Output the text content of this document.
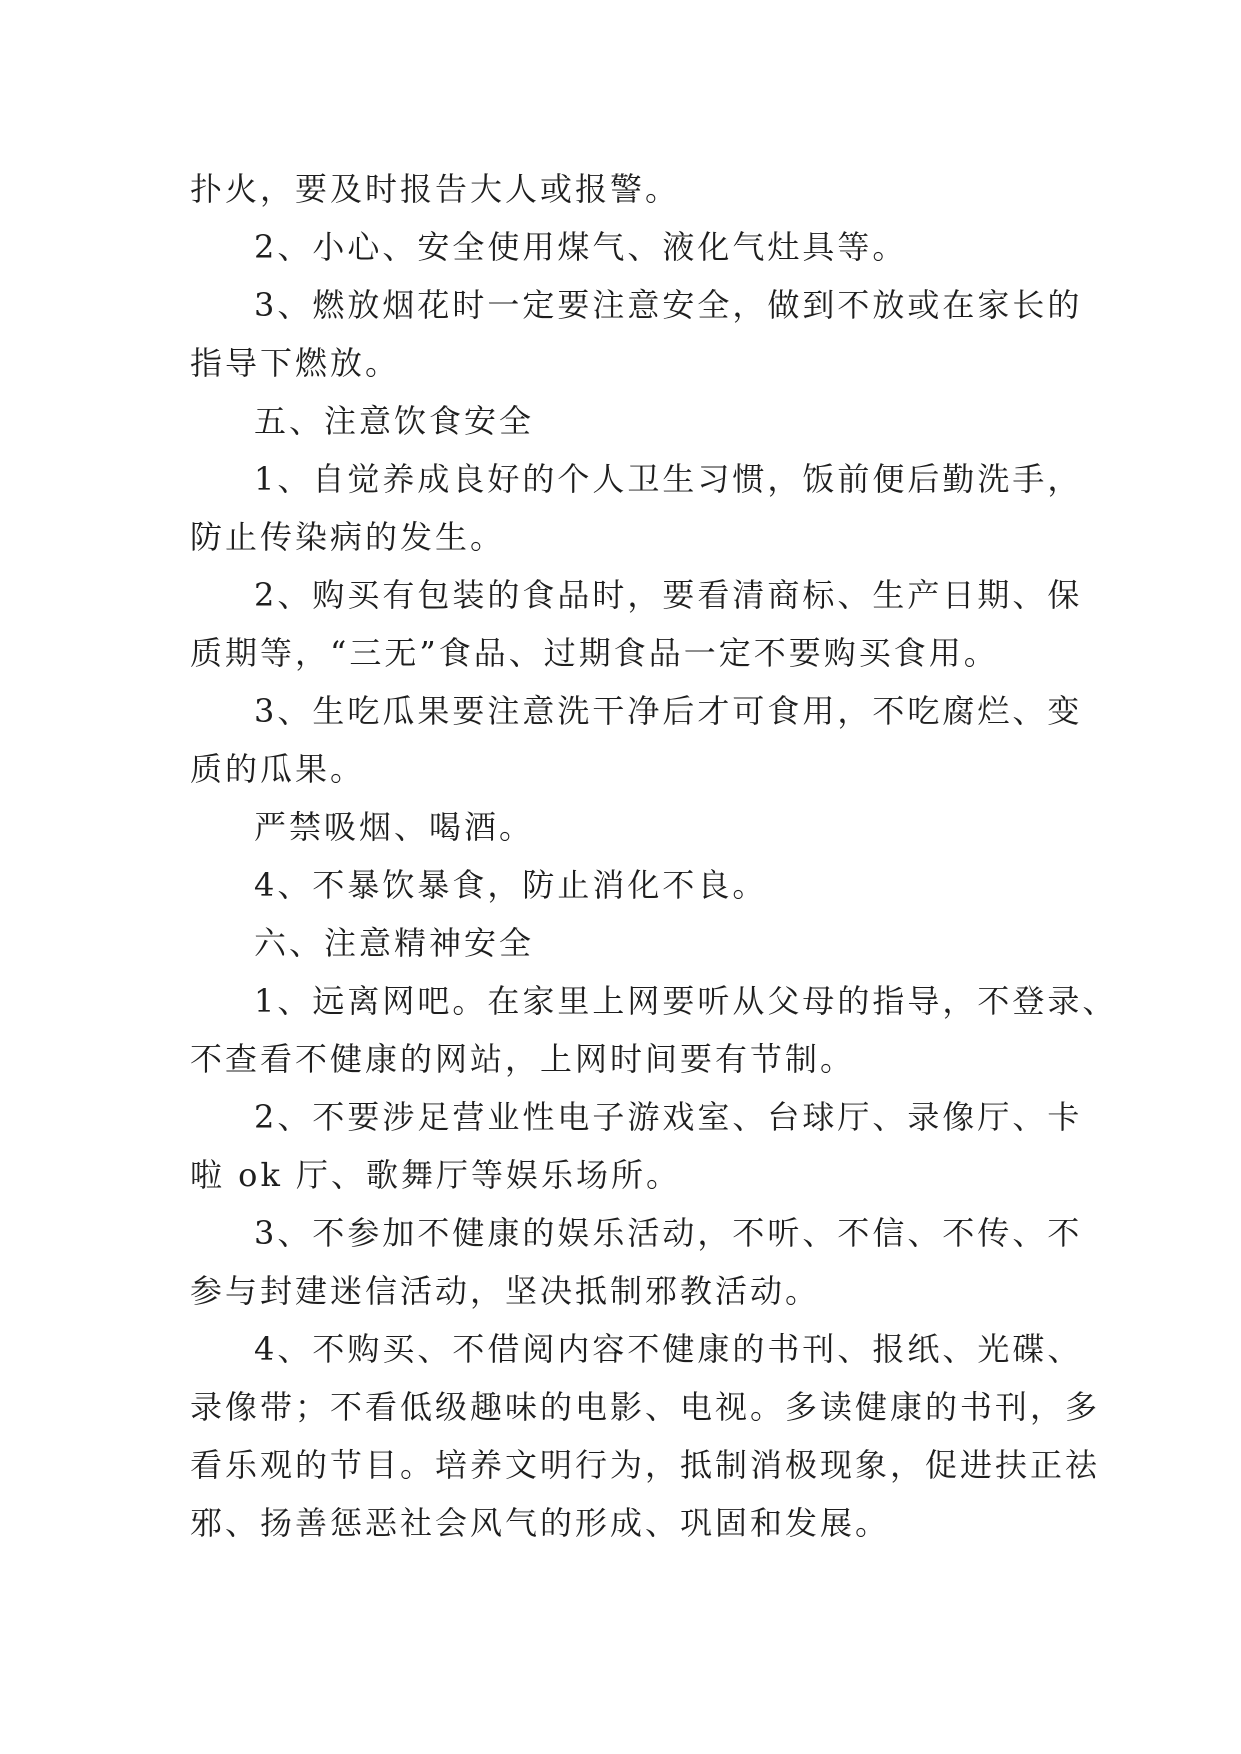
扑火，要及时报告大人或报警。
2、小心、安全使用煤气、液化气灶具等。
3、燃放烟花时一定要注意安全，做到不放或在家长的
指导下燃放。
五、注意饮食安全
1、自觉养成良好的个人卫生习惯，饭前便后勤洗手，
防止传染病的发生。
2、购买有包装的食品时，要看清商标、生产日期、保
质期等，“三无”食品、过期食品一定不要购买食用。
3、生吃瓜果要注意洗干净后才可食用，不吃腐烂、变
质的瓜果。
严禁吸烟、喝酒。
4、不暴饮暴食，防止消化不良。
六、注意精神安全
1、远离网吧。在家里上网要听从父母的指导，不登录、
不查看不健康的网站，上网时间要有节制。
2、不要涉足营业性电子游戏室、台球厅、录像厅、卡
啦 ok 厅、歌舞厅等娱乐场所。
3、不参加不健康的娱乐活动，不听、不信、不传、不
参与封建迷信活动，坚决抵制邪教活动。
4、不购买、不借阅内容不健康的书刊、报纸、光碟、
录像带；不看低级趣味的电影、电视。多读健康的书刊，多
看乐观的节目。培养文明行为，抵制消极现象，促进扶正祛
邪、扬善惩恶社会风气的形成、巩固和发展。
